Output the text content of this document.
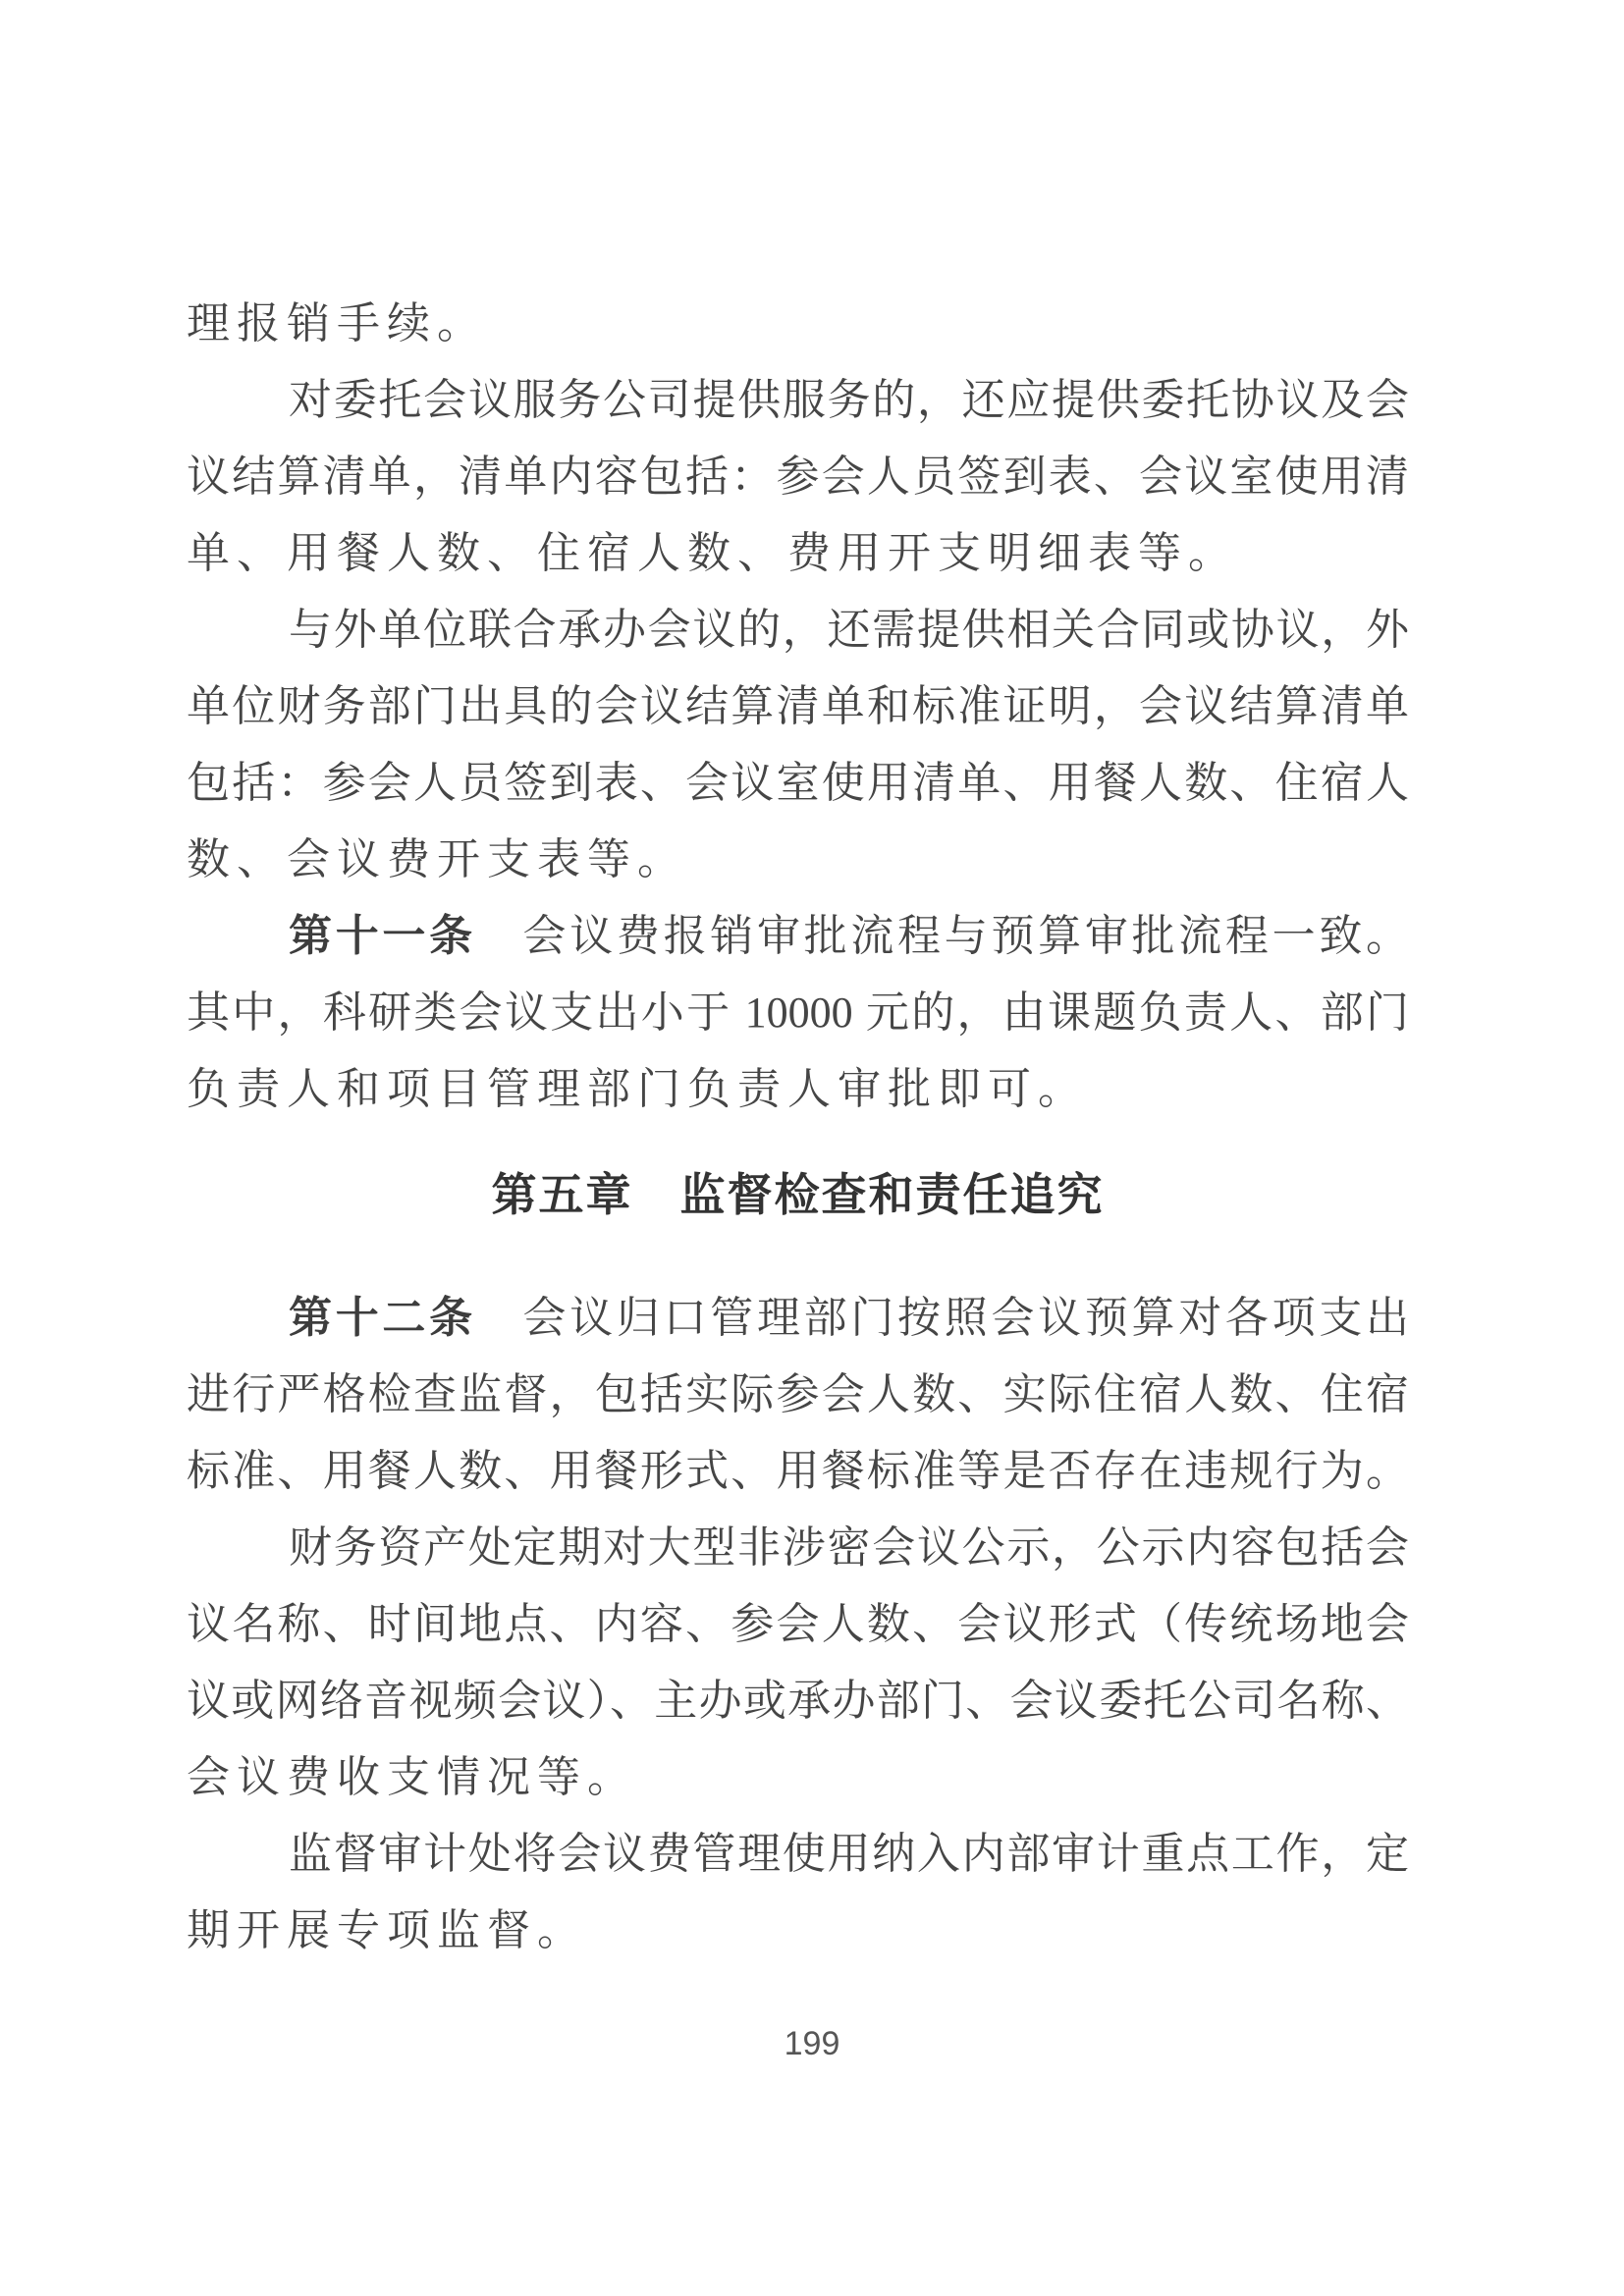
理报销手续。
对委托会议服务公司提供服务的，还应提供委托协议及会
议结算清单，清单内容包括：参会人员签到表、会议室使用清
单、用餐人数、住宿人数、费用开支明细表等。
与外单位联合承办会议的，还需提供相关合同或协议，外
单位财务部门出具的会议结算清单和标准证明，会议结算清单
包括：参会人员签到表、会议室使用清单、用餐人数、住宿人
数、会议费开支表等。
第十一条　会议费报销审批流程与预算审批流程一致。
其中，科研类会议支出小于 10000 元的，由课题负责人、部门
负责人和项目管理部门负责人审批即可。
第五章　监督检查和责任追究
第十二条　会议归口管理部门按照会议预算对各项支出
进行严格检查监督，包括实际参会人数、实际住宿人数、住宿
标准、用餐人数、用餐形式、用餐标准等是否存在违规行为。
财务资产处定期对大型非涉密会议公示，公示内容包括会
议名称、时间地点、内容、参会人数、会议形式（传统场地会
议或网络音视频会议）、主办或承办部门、会议委托公司名称、
会议费收支情况等。
监督审计处将会议费管理使用纳入内部审计重点工作，定
期开展专项监督。
199
